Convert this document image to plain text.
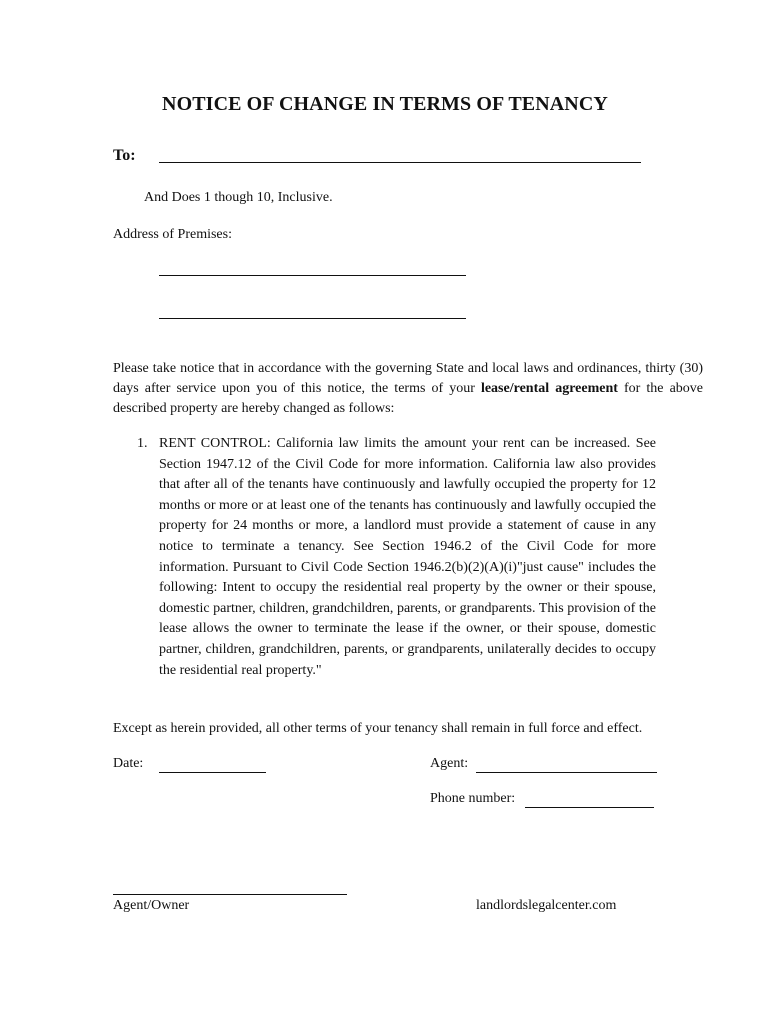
NOTICE OF CHANGE IN TERMS OF TENANCY
To:
And Does 1 though 10, Inclusive.
Address of Premises:
Please take notice that in accordance with the governing State and local laws and ordinances, thirty (30) days after service upon you of this notice, the terms of your lease/rental agreement for the above described property are hereby changed as follows:
1. RENT CONTROL: California law limits the amount your rent can be increased. See Section 1947.12 of the Civil Code for more information. California law also provides that after all of the tenants have continuously and lawfully occupied the property for 12 months or more or at least one of the tenants has continuously and lawfully occupied the property for 24 months or more, a landlord must provide a statement of cause in any notice to terminate a tenancy. See Section 1946.2 of the Civil Code for more information. Pursuant to Civil Code Section 1946.2(b)(2)(A)(i)"just cause" includes the following: Intent to occupy the residential real property by the owner or their spouse, domestic partner, children, grandchildren, parents, or grandparents. This provision of the lease allows the owner to terminate the lease if the owner, or their spouse, domestic partner, children, grandchildren, parents, or grandparents, unilaterally decides to occupy the residential real property."
Except as herein provided, all other terms of your tenancy shall remain in full force and effect.
Date:	Agent:
Phone number:
Agent/Owner	landlordslegalcenter.com
